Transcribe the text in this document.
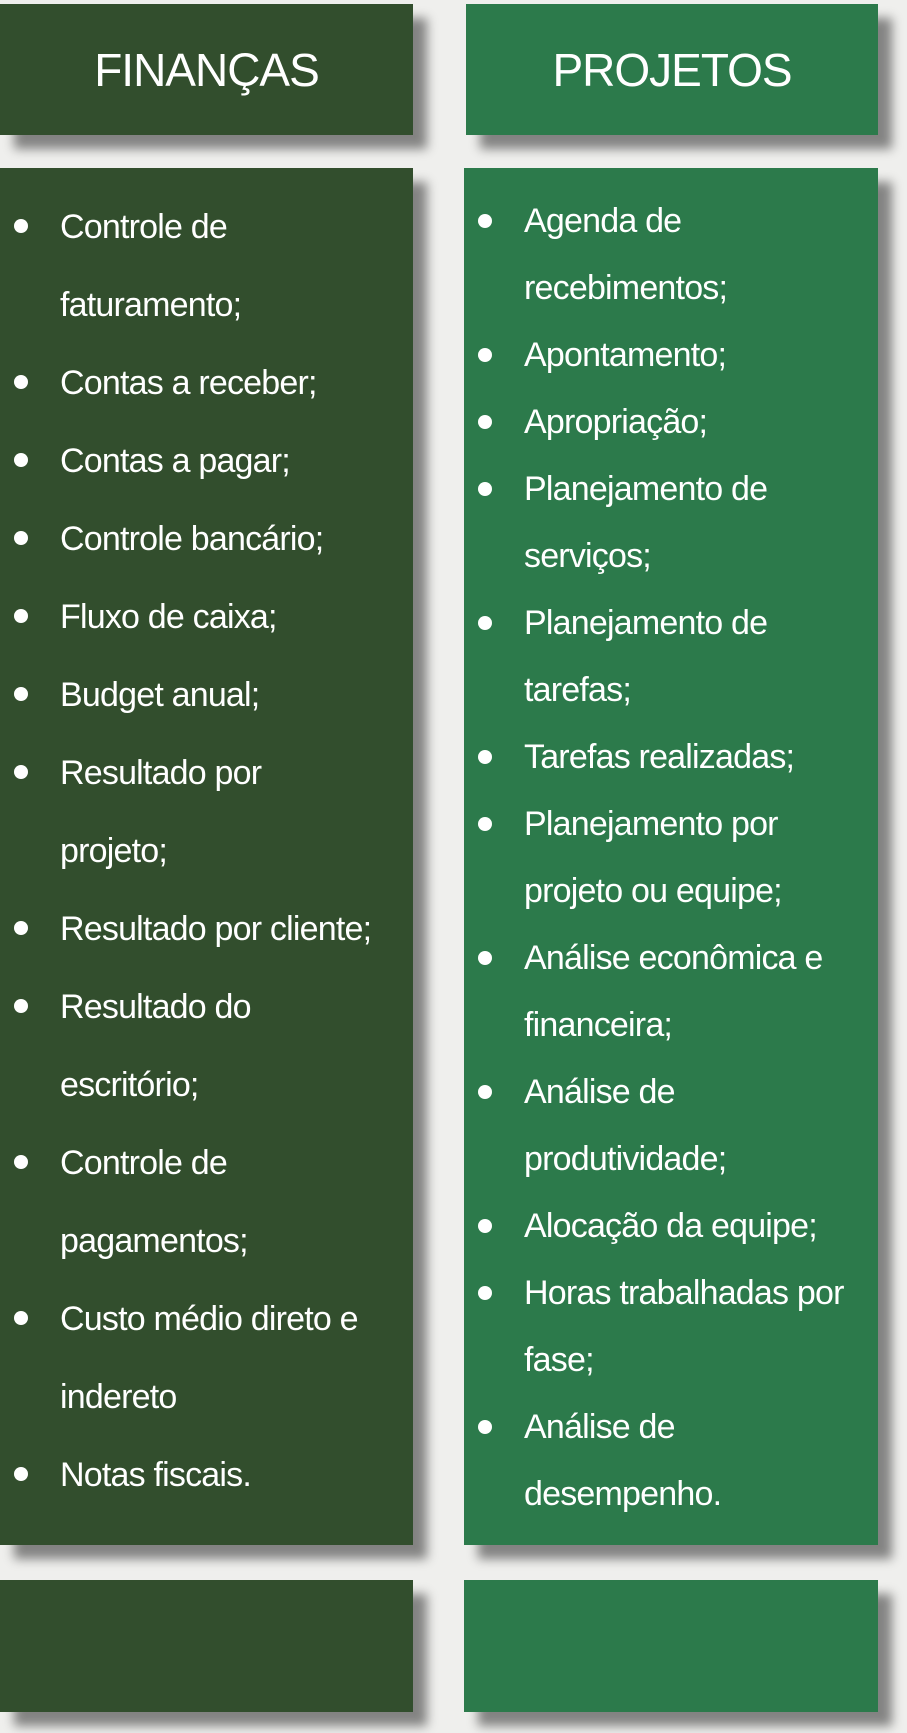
FINANÇAS
Controle de
faturamento;
Contas a receber;
Contas a pagar;
Controle bancário;
Fluxo de caixa;
Budget anual;
Resultado por
projeto;
Resultado por cliente;
Resultado do
escritório;
Controle de
pagamentos;
Custo médio direto e
indereto
Notas fiscais.
PROJETOS
Agenda de
recebimentos;
Apontamento;
Apropriação;
Planejamento de
serviços;
Planejamento de
tarefas;
Tarefas realizadas;
Planejamento por
projeto ou equipe;
Análise econômica e
financeira;
Análise de
produtividade;
Alocação da equipe;
Horas trabalhadas por
fase;
Análise de
desempenho.
